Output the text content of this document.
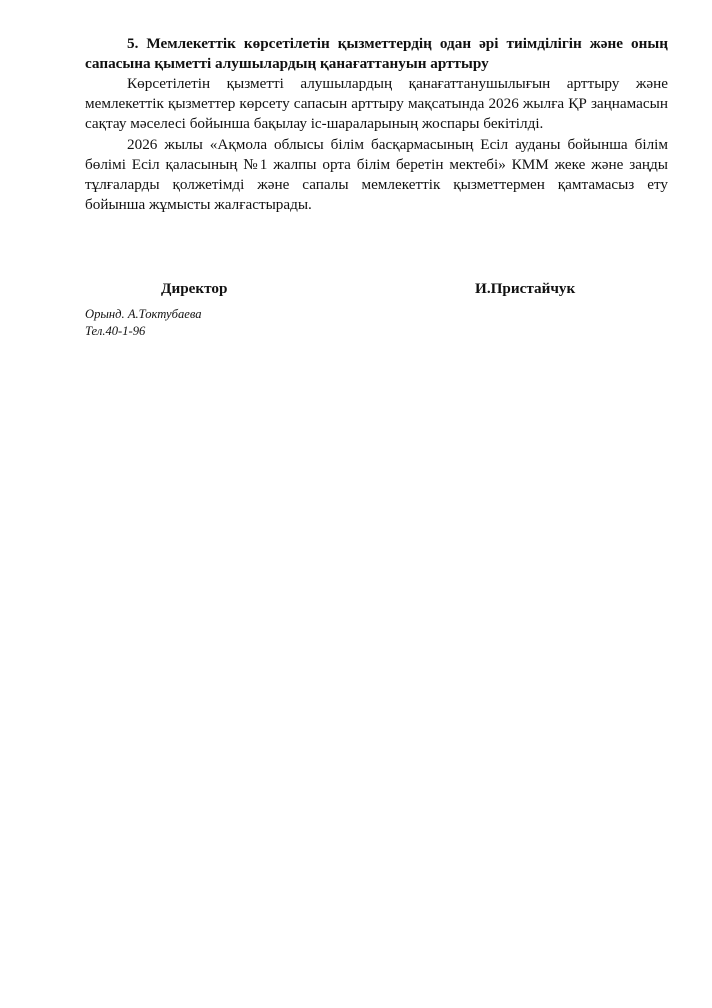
5. Мемлекеттік көрсетілетін қызметтердің одан әрі тиімділігін және оның сапасына қыметті алушылардың қанағаттануын арттыру

Көрсетілетін қызметті алушылардың қанағаттанушылығын арттыру және мемлекеттік қызметтер көрсету сапасын арттыру мақсатында 2026 жылға ҚР заңнамасын сақтау мәселесі бойынша бақылау іс-шараларының жоспары бекітілді.

2026 жылы «Ақмола облысы білім басқармасының Есіл ауданы бойынша білім бөлімі Есіл қаласының №1 жалпы орта білім беретін мектебі» КММ жеке және заңды тұлғаларды қолжетімді және сапалы мемлекеттік қызметтермен қамтамасыз ету бойынша жұмысты жалғастырады.

Директор	И.Пристайчук
Орынд. А.Токтубаева
Тел.40-1-96
